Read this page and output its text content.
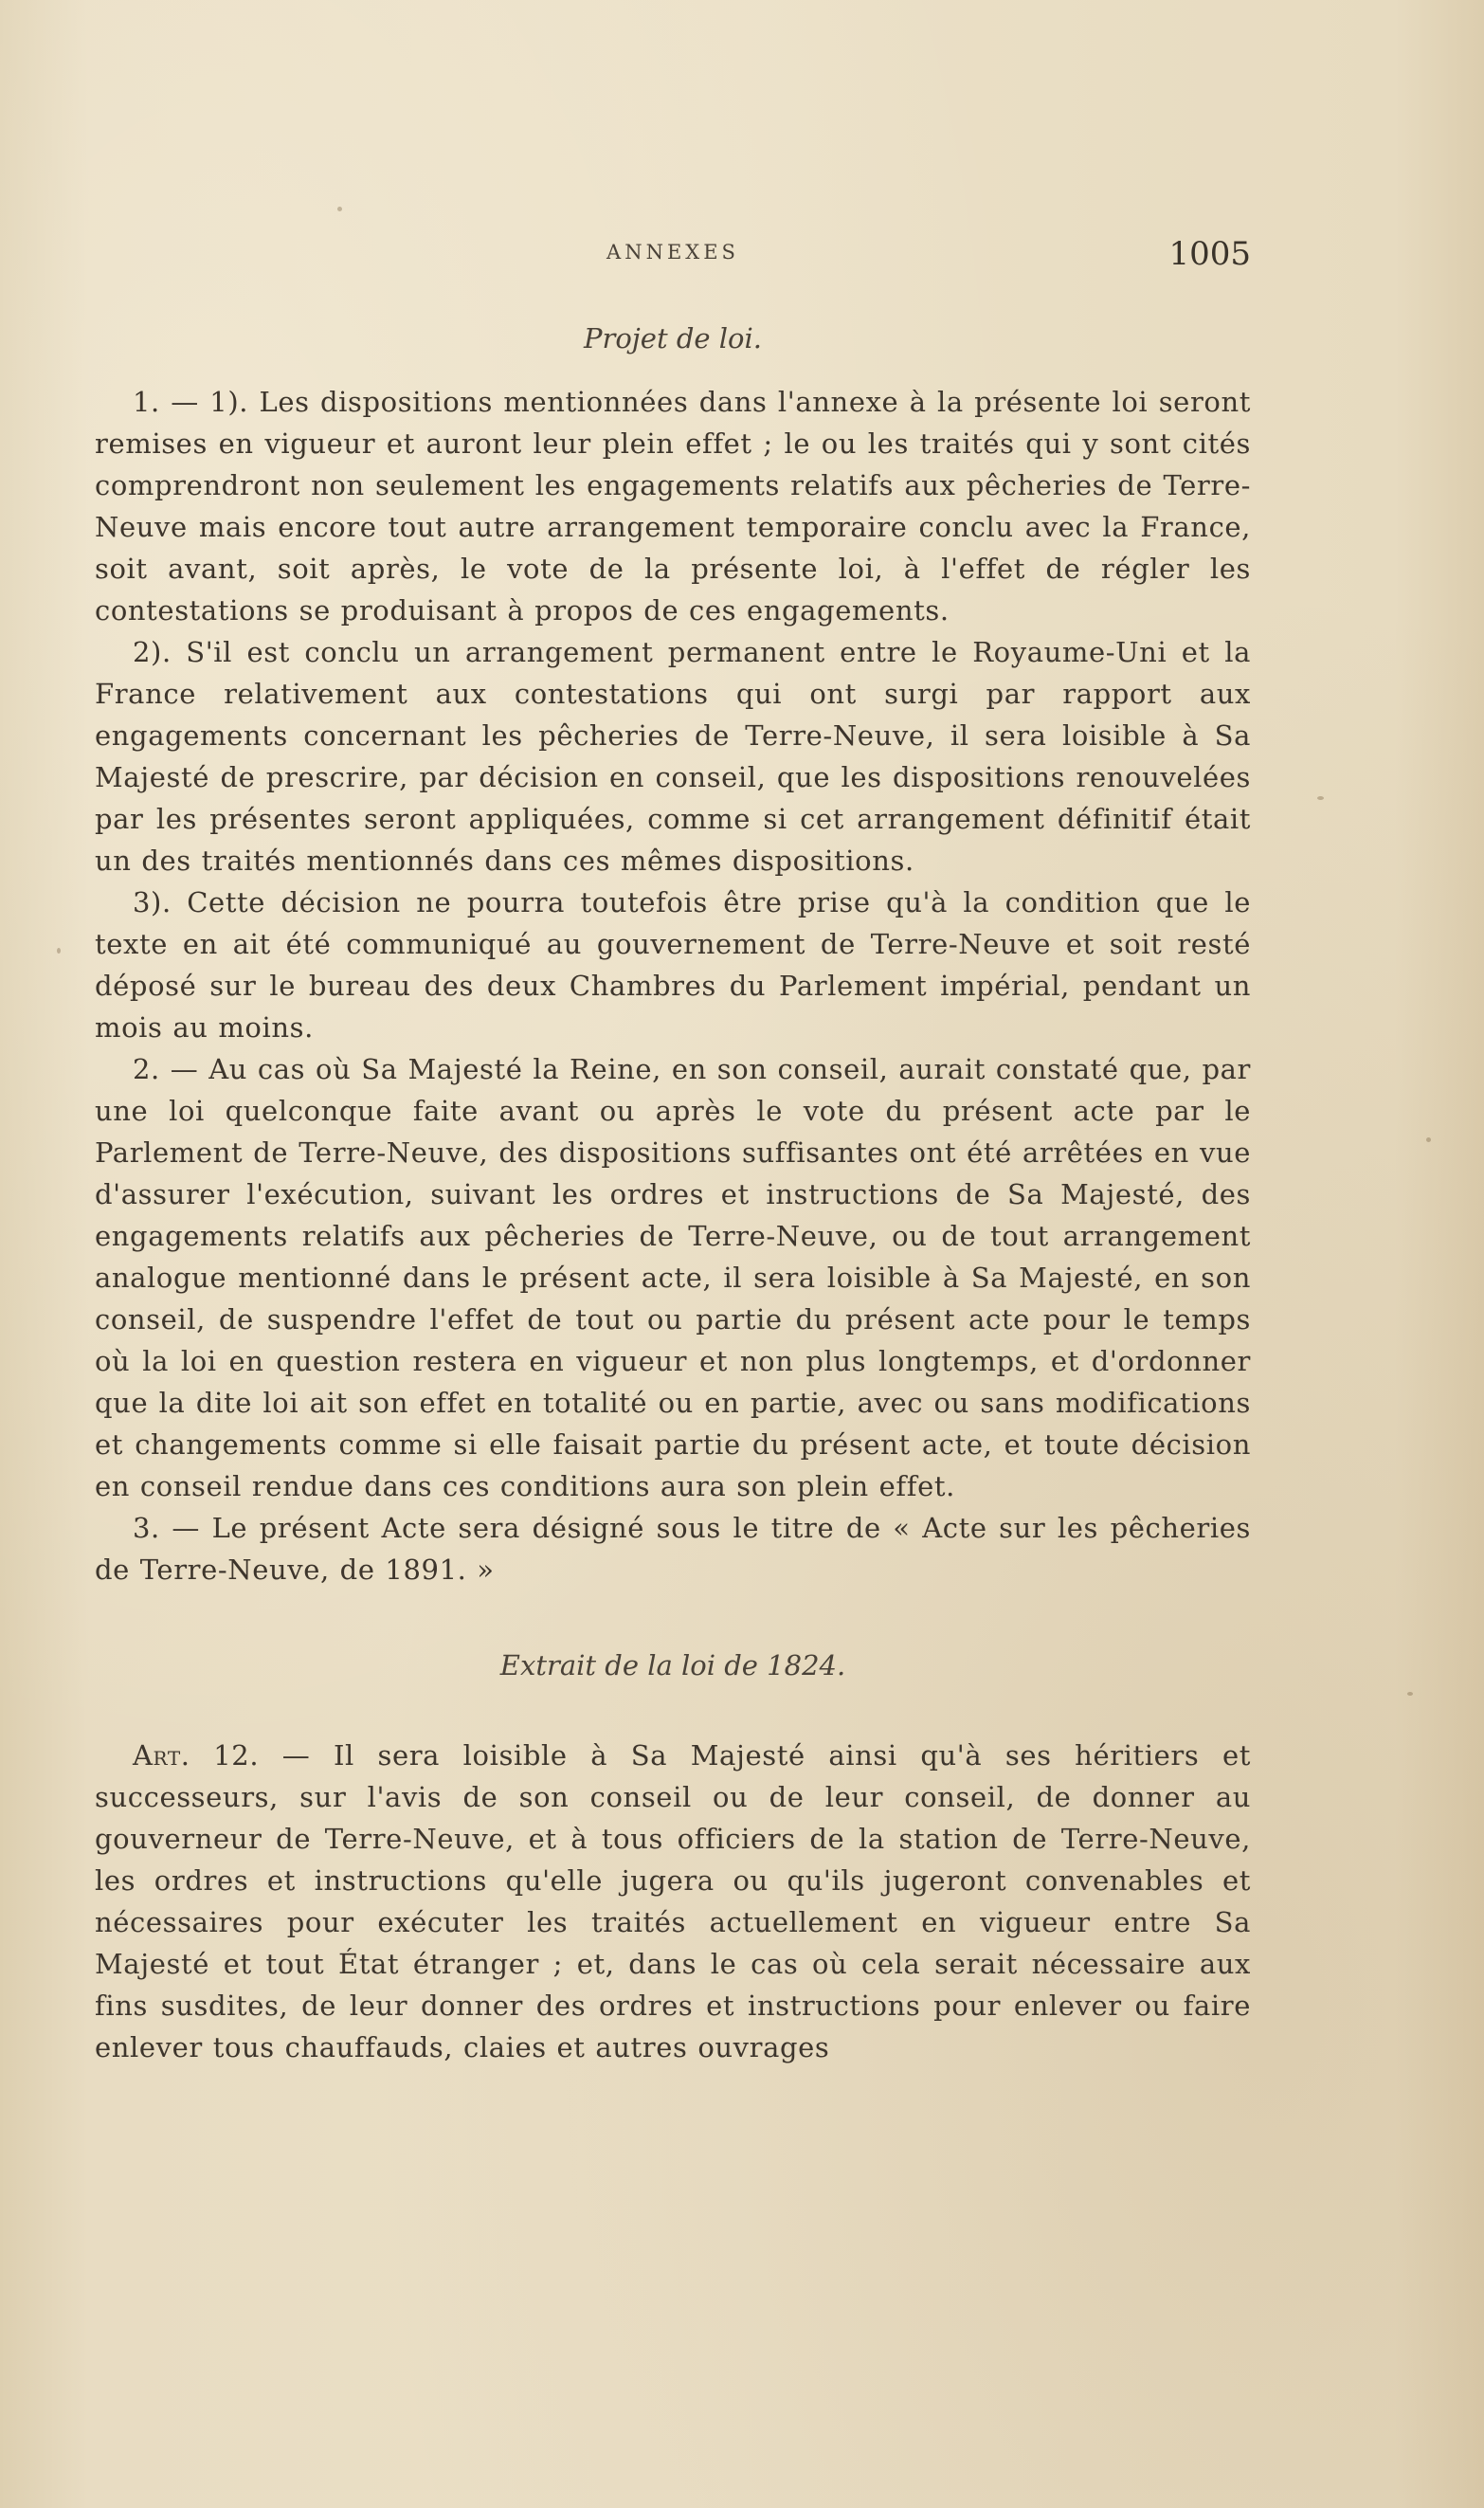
ANNEXES	1005
Projet de loi.

1. — 1). Les dispositions mentionnées dans l'annexe à la présente loi seront remises en vigueur et auront leur plein effet ; le ou les traités qui y sont cités comprendront non seulement les engagements relatifs aux pêcheries de Terre-Neuve mais encore tout autre arrangement temporaire conclu avec la France, soit avant, soit après, le vote de la présente loi, à l'effet de régler les contestations se produisant à propos de ces engagements.

2). S'il est conclu un arrangement permanent entre le Royaume-Uni et la France relativement aux contestations qui ont surgi par rapport aux engagements concernant les pêcheries de Terre-Neuve, il sera loisible à Sa Majesté de prescrire, par décision en conseil, que les dispositions renouvelées par les présentes seront appliquées, comme si cet arrangement définitif était un des traités mentionnés dans ces mêmes dispositions.

3). Cette décision ne pourra toutefois être prise qu'à la condition que le texte en ait été communiqué au gouvernement de Terre-Neuve et soit resté déposé sur le bureau des deux Chambres du Parlement impérial, pendant un mois au moins.

2. — Au cas où Sa Majesté la Reine, en son conseil, aurait constaté que, par une loi quelconque faite avant ou après le vote du présent acte par le Parlement de Terre-Neuve, des dispositions suffisantes ont été arrêtées en vue d'assurer l'exécution, suivant les ordres et instructions de Sa Majesté, des engagements relatifs aux pêcheries de Terre-Neuve, ou de tout arrangement analogue mentionné dans le présent acte, il sera loisible à Sa Majesté, en son conseil, de suspendre l'effet de tout ou partie du présent acte pour le temps où la loi en question restera en vigueur et non plus longtemps, et d'ordonner que la dite loi ait son effet en totalité ou en partie, avec ou sans modifications et changements comme si elle faisait partie du présent acte, et toute décision en conseil rendue dans ces conditions aura son plein effet.

3. — Le présent Acte sera désigné sous le titre de « Acte sur les pêcheries de Terre-Neuve, de 1891. »

Extrait de la loi de 1824.

Art. 12. — Il sera loisible à Sa Majesté ainsi qu'à ses héritiers et successeurs, sur l'avis de son conseil ou de leur conseil, de donner au gouverneur de Terre-Neuve, et à tous officiers de la station de Terre-Neuve, les ordres et instructions qu'elle jugera ou qu'ils jugeront convenables et nécessaires pour exécuter les traités actuellement en vigueur entre Sa Majesté et tout État étranger ; et, dans le cas où cela serait nécessaire aux fins susdites, de leur donner des ordres et instructions pour enlever ou faire enlever tous chauffauds, claies et autres ouvrages
